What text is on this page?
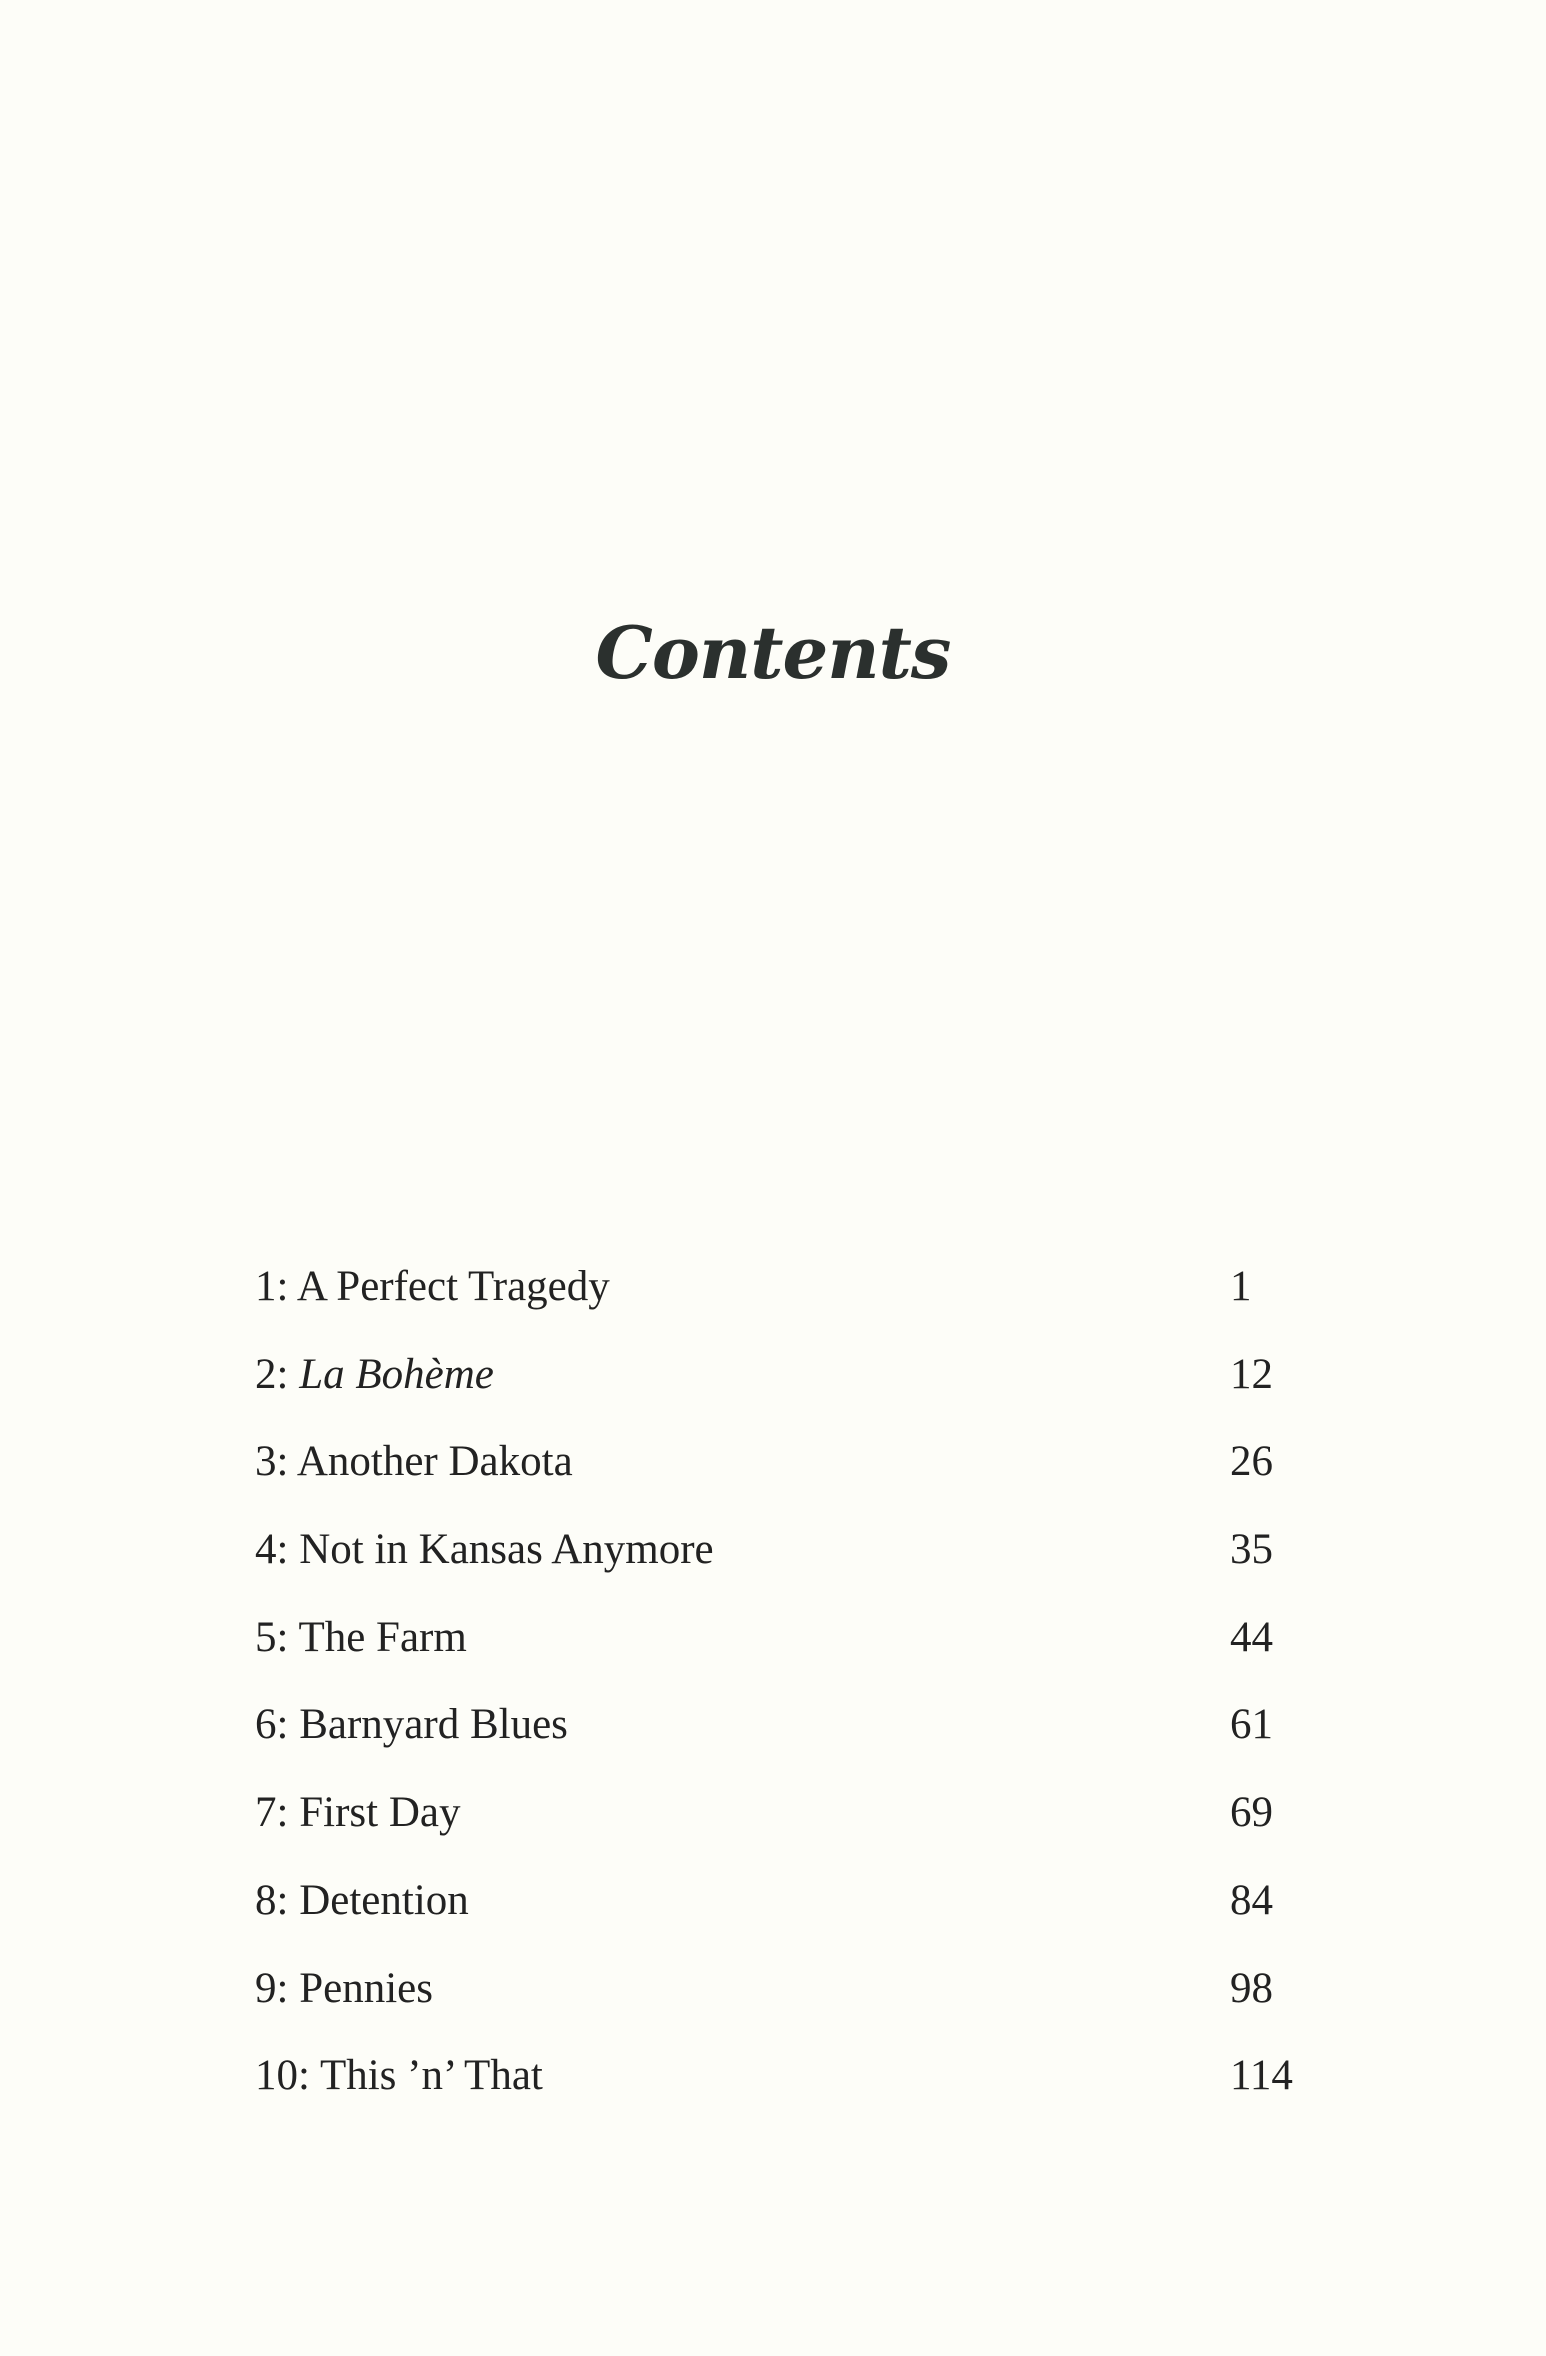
Contents
1: A Perfect Tragedy	1
2: La Bohème	12
3: Another Dakota	26
4: Not in Kansas Anymore	35
5: The Farm	44
6: Barnyard Blues	61
7: First Day	69
8: Detention	84
9: Pennies	98
10: This ’n’ That	114
